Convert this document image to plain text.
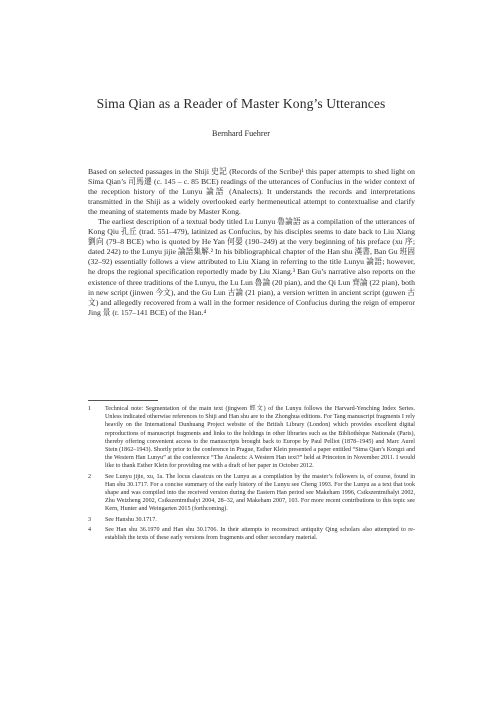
Sima Qian as a Reader of Master Kong’s Utterances
Bernhard Fuehrer

Based on selected passages in the Shiji 史記 (Records of the Scribe)¹ this paper attempts to shed light on Sima Qian’s 司馬遷 (c. 145 – c. 85 BCE) readings of the utterances of Confucius in the wider context of the reception history of the Lunyu 論語 (Analects). It understands the records and interpretations transmitted in the Shiji as a widely overlooked early hermeneutical attempt to contextualise and clarify the meaning of statements made by Master Kong.

The earliest description of a textual body titled Lu Lunyu 魯論語 as a compilation of the utterances of Kong Qiu 孔丘 (trad. 551–479), latinized as Confucius, by his disciples seems to date back to Liu Xiang 劉向 (79–8 BCE) who is quoted by He Yan 何晏 (190–249) at the very beginning of his preface (xu 序; dated 242) to the Lunyu jijie 論語集解.² In his bibliographical chapter of the Han shu 漢書, Ban Gu 班固 (32–92) essentially follows a view attributed to Liu Xiang in referring to the title Lunyu 論語; however, he drops the regional specification reportedly made by Liu Xiang.³ Ban Gu’s narrative also reports on the existence of three traditions of the Lunyu, the Lu Lun 魯論 (20 pian), and the Qi Lun 齊論 (22 pian), both in new script (jinwen 今文), and the Gu Lun 古論 (21 pian), a version written in ancient script (guwen 古文) and allegedly recovered from a wall in the former residence of Confucius during the reign of emperor Jing 景 (r. 157–141 BCE) of the Han.⁴

1 Technical note: Segmentation of the main text (jingwen 經文) of the Lunyu follows the Harvard-Yenching Index Series. Unless indicated otherwise references to Shiji and Han shu are to the Zhonghua editions. For Tang manuscript fragments I rely heavily on the International Dunhuang Project website of the British Library (London) which provides excellent digital reproductions of manuscript fragments and links to the holdings in other libraries such as the Bibliothèque Nationale (Paris), thereby offering convenient access to the manuscripts brought back to Europe by Paul Pelliot (1878–1945) and Marc Aurel Stein (1862–1943). Shortly prior to the conference in Prague, Esther Klein presented a paper entitled “Sima Qian’s Kongzi and the Western Han Lunyu” at the conference “The Analects: A Western Han text?” held at Princeton in November 2011. I would like to thank Esther Klein for providing me with a draft of her paper in October 2012.
2 See Lunyu jijie, xu, 1a. The locus classicus on the Lunyu as a compilation by the master’s followers is, of course, found in Han shu 30.1717. For a concise summary of the early history of the Lunyu see Cheng 1993. For the Lunyu as a text that took shape and was compiled into the received version during the Eastern Han period see Makeham 1996, Csikszentmihalyi 2002, Zhu Weizheng 2002, Csikszentmihalyi 2004, 28–32, and Makeham 2007, 103. For more recent contributions to this topic see Kern, Hunter and Weingarten 2015 (forthcoming).
3 See Hanshu 30.1717.
4 See Han shu 36.1970 and Han shu 30.1706. In their attempts to reconstruct antiquity Qing scholars also attempted to re-establish the texts of these early versions from fragments and other secondary material.
